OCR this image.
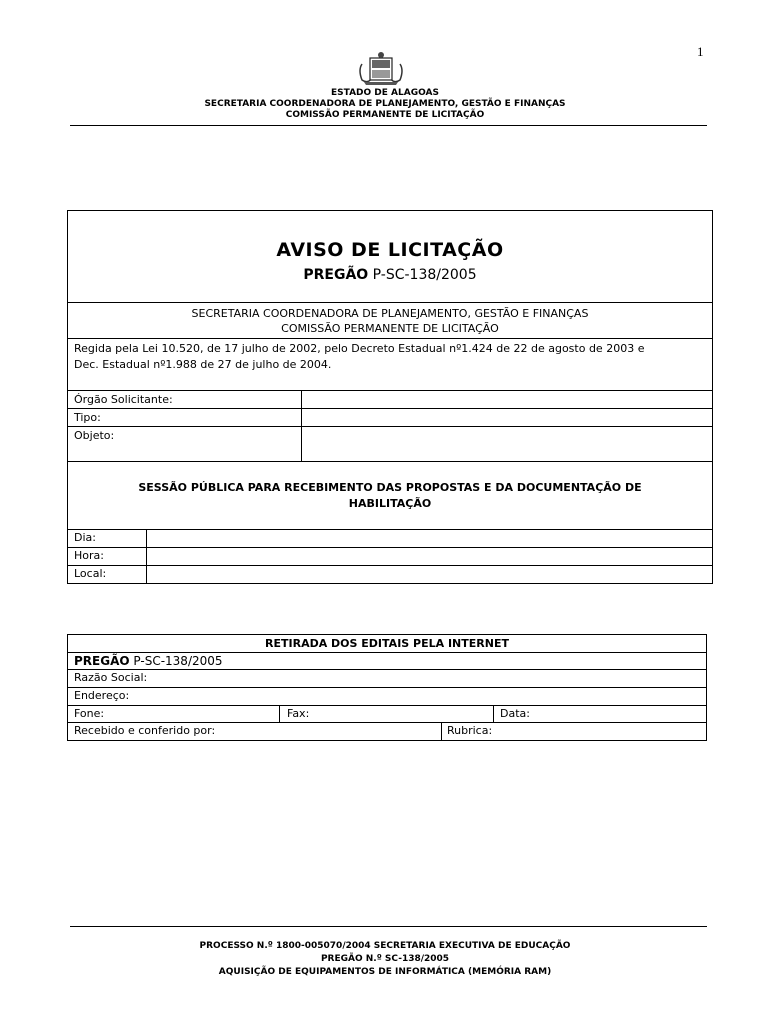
1
ESTADO DE ALAGOAS
SECRETARIA COORDENADORA DE PLANEJAMENTO, GESTÃO E FINANÇAS
COMISSÃO PERMANENTE DE LICITAÇÃO
AVISO DE LICITAÇÃO
PREGÃO P-SC-138/2005
SECRETARIA COORDENADORA DE PLANEJAMENTO, GESTÃO E FINANÇAS
COMISSÃO PERMANENTE DE LICITAÇÃO
Regida pela Lei 10.520, de 17 julho de 2002, pelo Decreto Estadual nº1.424 de 22 de agosto de 2003 e
Dec. Estadual nº1.988 de 27 de julho de 2004.
Órgão Solicitante:
Tipo:
Objeto:
SESSÃO PÚBLICA PARA RECEBIMENTO DAS PROPOSTAS E DA DOCUMENTAÇÃO DE
HABILITAÇÃO
Dia:
Hora:
Local:
RETIRADA DOS EDITAIS PELA INTERNET
PREGÃO P-SC-138/2005
Razão Social:
Endereço:
Fone:	Fax:	Data:
Recebido e conferido por:	Rubrica:
PROCESSO N.º 1800-005070/2004 SECRETARIA EXECUTIVA DE EDUCAÇÃO
PREGÃO N.º SC-138/2005
AQUISIÇÃO DE EQUIPAMENTOS DE INFORMÁTICA (MEMÓRIA RAM)
